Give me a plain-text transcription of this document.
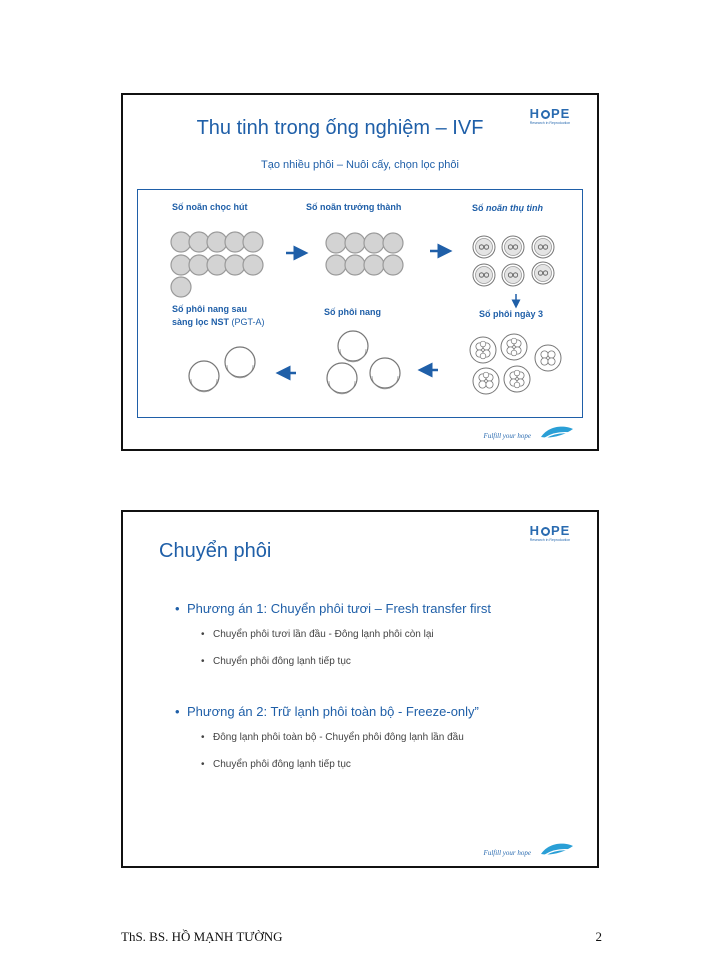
Thu tinh trong ống nghiệm – IVF
H PE
Research in Reproduction
Tạo nhiều phôi – Nuôi cấy, chọn lọc phôi
Số noãn chọc hút	Số noãn trưởng thành	Số noãn thụ tinh
Số phôi ngày 3
Số phôi nang
Số phôi nang sau
sàng lọc NST (PGT-A)
Fulfill your hope
Chuyển phôi
H PE
Research in Reproduction
• Phương án 1: Chuyển phôi tươi – Fresh transfer first
• Chuyển phôi tươi lần đầu - Đông lạnh phôi còn lại
• Chuyển phôi đông lạnh tiếp tục
• Phương án 2: Trữ lạnh phôi toàn bộ - Freeze-only”
• Đông lạnh phôi toàn bộ - Chuyển phôi đông lạnh lần đầu
• Chuyển phôi đông lạnh tiếp tục
Fulfill your hope
ThS. BS. HỒ MẠNH TƯỜNG	2
